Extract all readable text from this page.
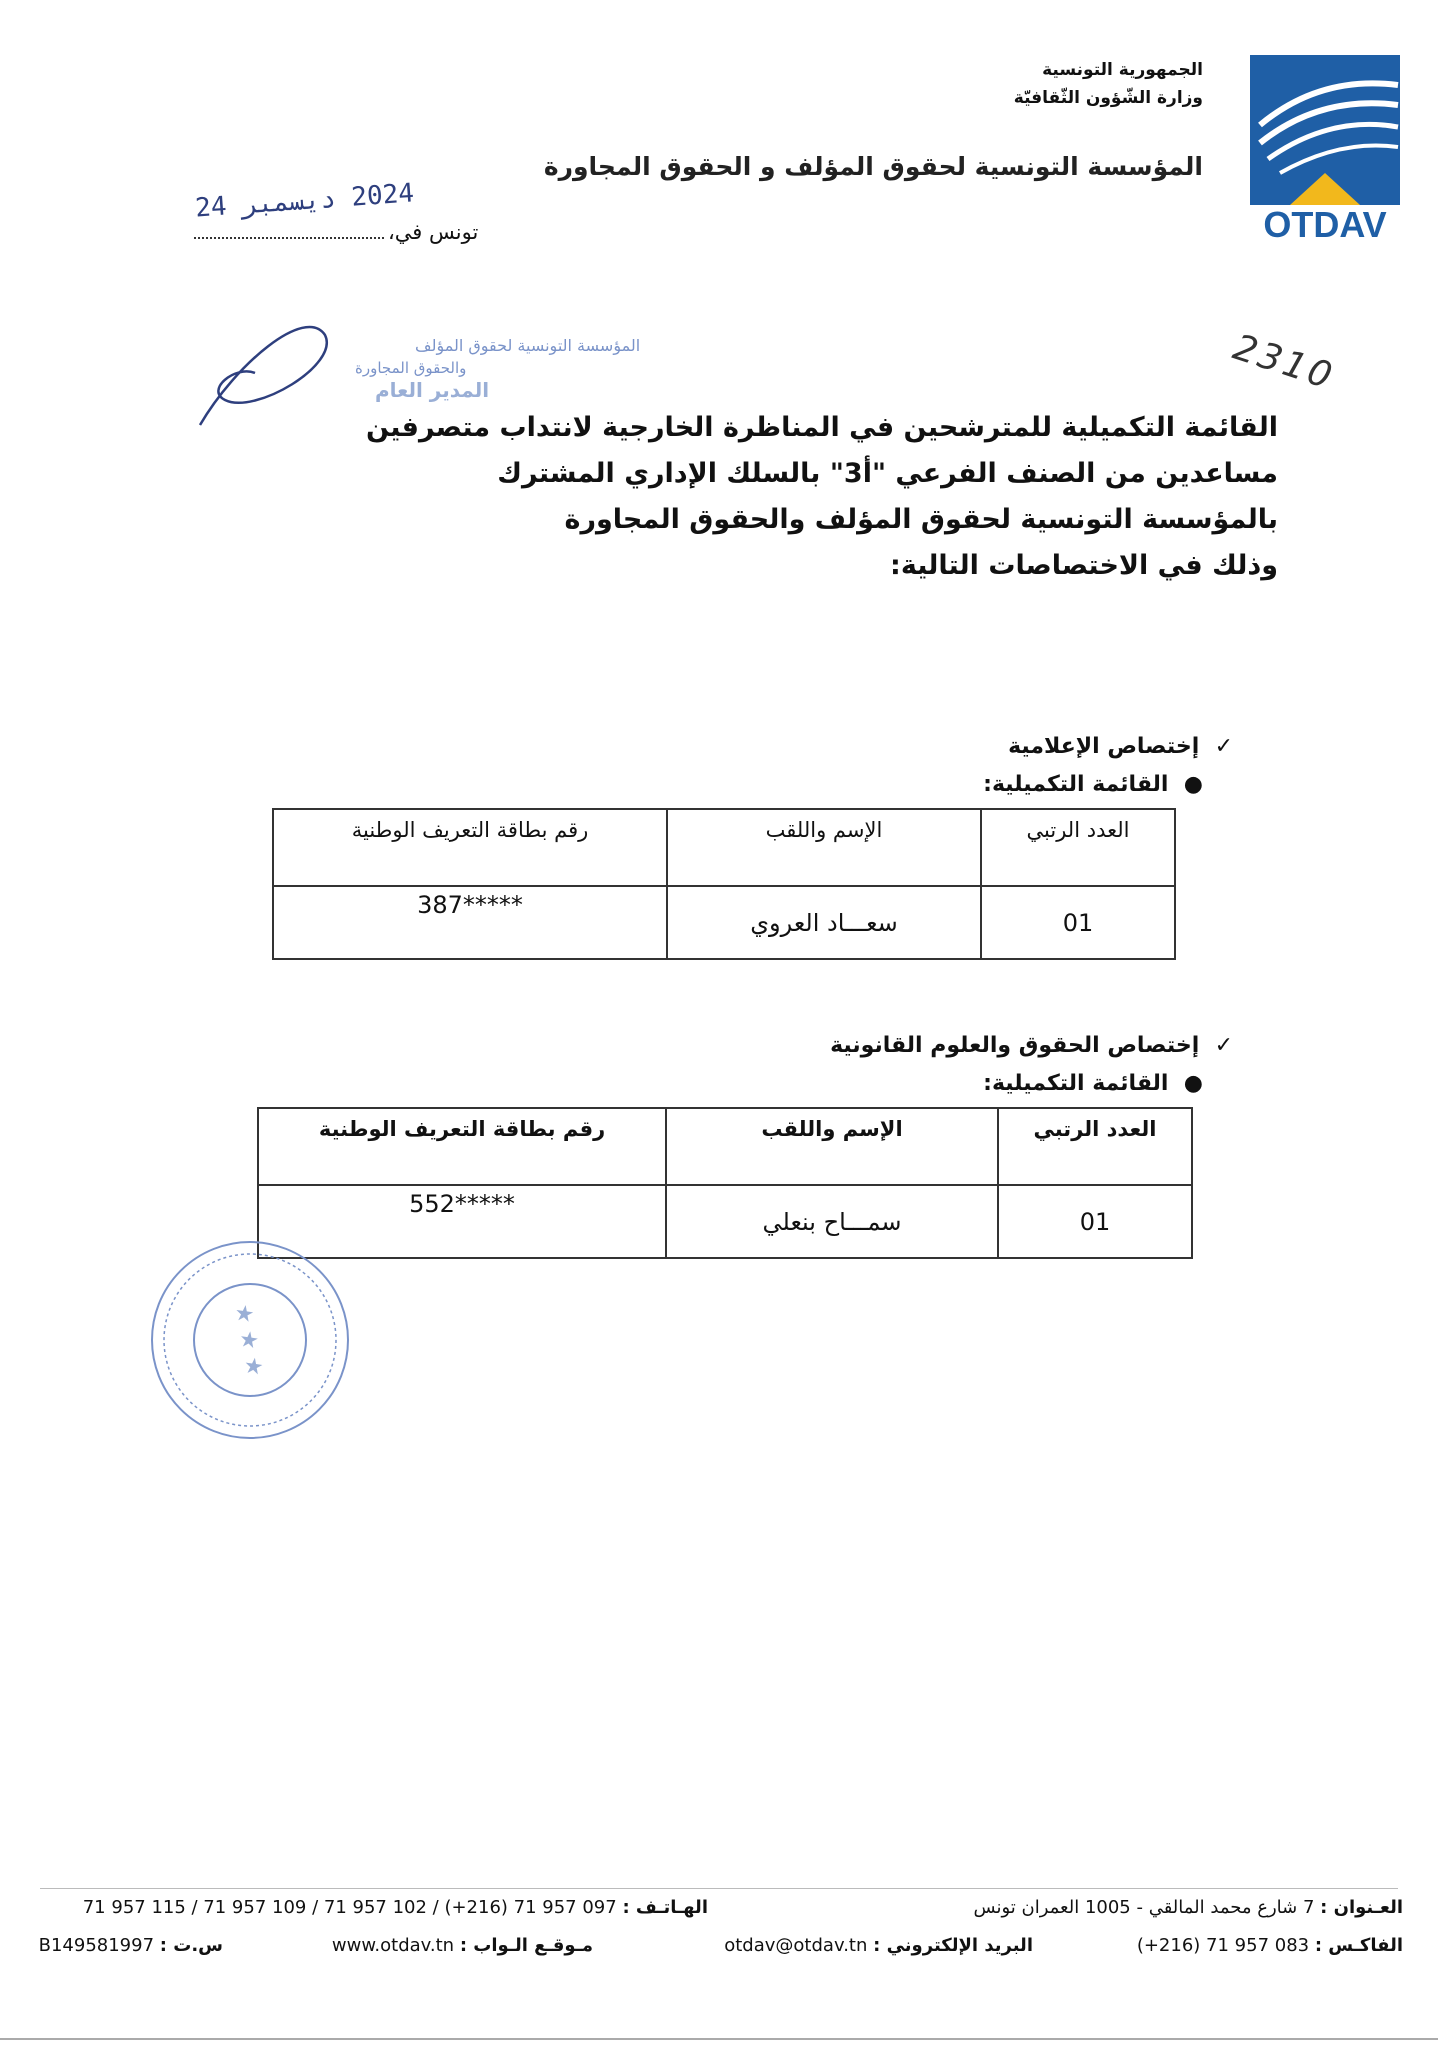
OTDAV
الجمهورية التونسية
وزارة الشّؤون الثّقافيّة
المؤسسة التونسية لحقوق المؤلف و الحقوق المجاورة
تونس في،
2024 ديسمبر 24
2310
المؤسسة التونسية لحقوق المؤلف
والحقوق المجاورة
المدير العام
القائمة التكميلية للمترشحين في المناظرة الخارجية لانتداب متصرفين
مساعدين من الصنف الفرعي "أ3" بالسلك الإداري المشترك
بالمؤسسة التونسية لحقوق المؤلف والحقوق المجاورة
وذلك في الاختصاصات التالية:
✓  إختصاص الإعلامية
●  القائمة التكميلية:
العدد الرتبي	الإسم واللقب	رقم بطاقة التعريف الوطنية
01	سعـــاد العروي	*****387
✓  إختصاص الحقوق والعلوم القانونية
●  القائمة التكميلية:
العدد الرتبي	الإسم واللقب	رقم بطاقة التعريف الوطنية
01	سمـــاح بنعلي	*****552
★ ★ ★
العـنوان : 7 شارع محمد المالقي - 1005 العمران تونس
الهـاتـف : 71 957 115 / 71 957 109 / 71 957 102 / (+216) 71 957 097
الفاكـس : (+216) 71 957 083
البريد الإلكتروني : otdav@otdav.tn
مـوقـع الـواب : www.otdav.tn
س.ت : B149581997
